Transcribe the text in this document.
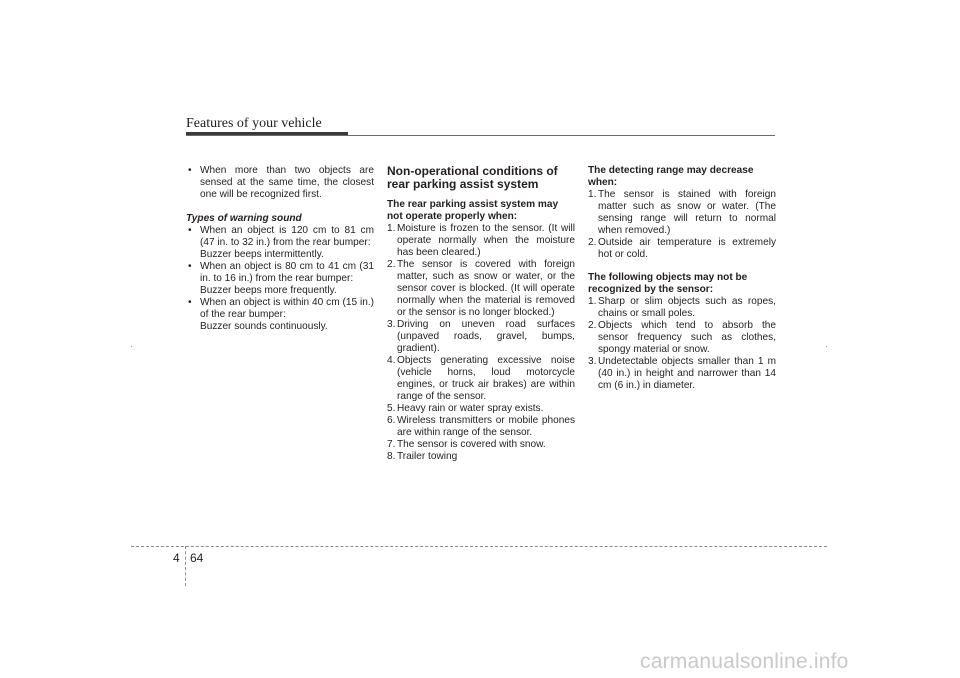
Features of your vehicle
• When more than two objects are sensed at the same time, the closest one will be recognized first.
Types of warning sound
• When an object is 120 cm to 81 cm (47 in. to 32 in.) from the rear bumper:
Buzzer beeps intermittently.
• When an object is 80 cm to 41 cm (31 in. to 16 in.) from the rear bumper:
Buzzer beeps more frequently.
• When an object is within 40 cm (15 in.) of the rear bumper:
Buzzer sounds continuously.
Non-operational conditions of rear parking assist system
The rear parking assist system may not operate properly when:
1. Moisture is frozen to the sensor. (It will operate normally when the moisture has been cleared.)
2. The sensor is covered with foreign matter, such as snow or water, or the sensor cover is blocked. (It will operate normally when the material is removed or the sensor is no longer blocked.)
3. Driving on uneven road surfaces (unpaved roads, gravel, bumps, gradient).
4. Objects generating excessive noise (vehicle horns, loud motorcycle engines, or truck air brakes) are within range of the sensor.
5. Heavy rain or water spray exists.
6. Wireless transmitters or mobile phones are within range of the sensor.
7. The sensor is covered with snow.
8. Trailer towing
The detecting range may decrease when:
1. The sensor is stained with foreign matter such as snow or water. (The sensing range will return to normal when removed.)
2. Outside air temperature is extremely hot or cold.
The following objects may not be recognized by the sensor:
1. Sharp or slim objects such as ropes, chains or small poles.
2. Objects which tend to absorb the sensor frequency such as clothes, spongy material or snow.
3. Undetectable objects smaller than 1 m (40 in.) in height and narrower than 14 cm (6 in.) in diameter.
4 64
carmanualsonline.info
